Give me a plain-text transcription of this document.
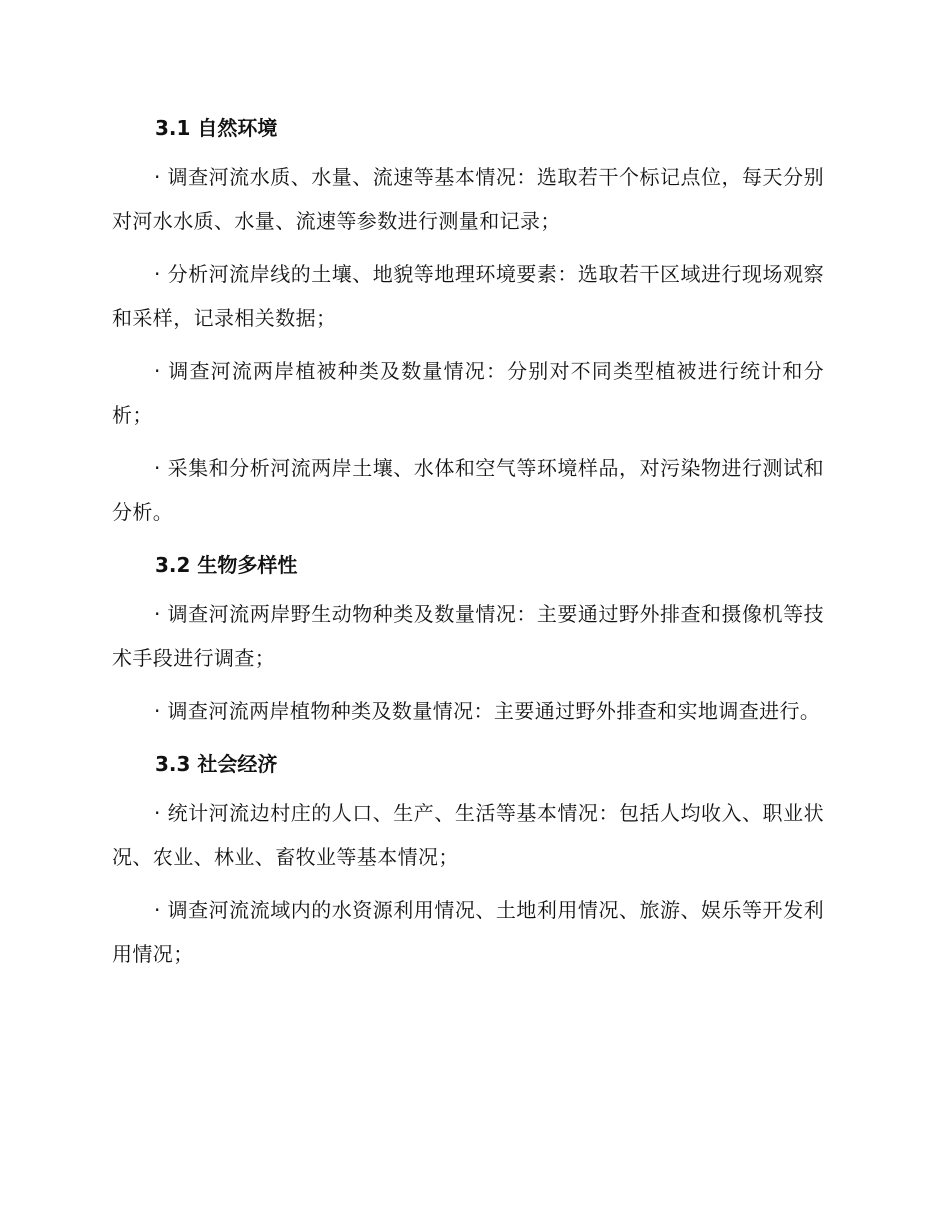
3.1 自然环境

· 调查河流水质、水量、流速等基本情况：选取若干个标记点位，每天分别对河水水质、水量、流速等参数进行测量和记录；

· 分析河流岸线的土壤、地貌等地理环境要素：选取若干区域进行现场观察和采样，记录相关数据；

· 调查河流两岸植被种类及数量情况：分别对不同类型植被进行统计和分析；

· 采集和分析河流两岸土壤、水体和空气等环境样品，对污染物进行测试和分析。

3.2 生物多样性

· 调查河流两岸野生动物种类及数量情况：主要通过野外排查和摄像机等技术手段进行调查；

· 调查河流两岸植物种类及数量情况：主要通过野外排查和实地调查进行。

3.3 社会经济

· 统计河流边村庄的人口、生产、生活等基本情况：包括人均收入、职业状况、农业、林业、畜牧业等基本情况；

· 调查河流流域内的水资源利用情况、土地利用情况、旅游、娱乐等开发利用情况；
